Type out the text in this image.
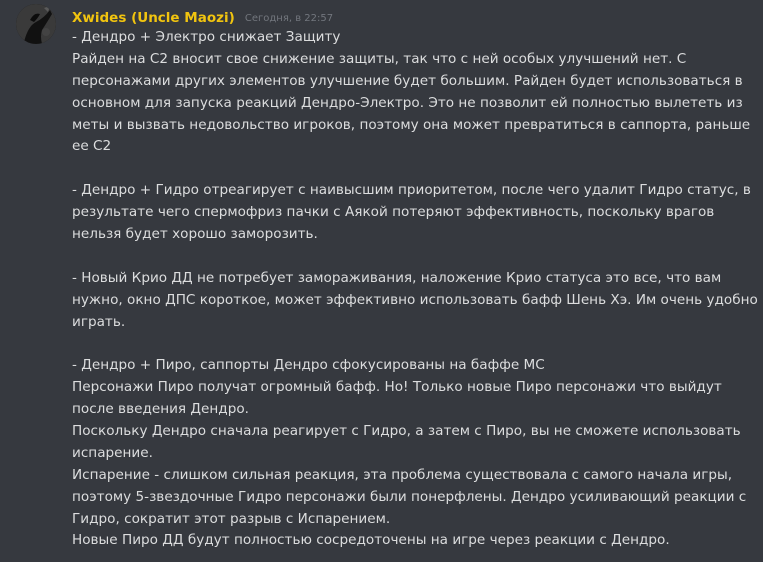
Xwides (Uncle Maozi) Сегодня, в 22:57
- Дендро + Электро снижает Защиту
Райден на С2 вносит свое снижение защиты, так что с ней особых улучшений нет. С
персонажами других элементов улучшение будет большим. Райден будет использоваться в
основном для запуска реакций Дендро-Электро. Это не позволит ей полностью вылететь из
меты и вызвать недовольство игроков, поэтому она может превратиться в саппорта, раньше
ее С2
- Дендро + Гидро отреагирует с наивысшим приоритетом, после чего удалит Гидро статус, в
результате чего спермофриз пачки с Аякой потеряют эффективность, поскольку врагов
нельзя будет хорошо заморозить.
- Новый Крио ДД не потребует замораживания, наложение Крио статуса это все, что вам
нужно, окно ДПС короткое, может эффективно использовать бафф Шень Хэ. Им очень удобно
играть.
- Дендро + Пиро, саппорты Дендро сфокусированы на баффе МС
Персонажи Пиро получат огромный бафф. Но! Только новые Пиро персонажи что выйдут
после введения Дендро.
Поскольку Дендро сначала реагирует с Гидро, а затем с Пиро, вы не сможете использовать
испарение.
Испарение - слишком сильная реакция, эта проблема существовала с самого начала игры,
поэтому 5-звездочные Гидро персонажи были понерфлены. Дендро усиливающий реакции с
Гидро, сократит этот разрыв с Испарением.
Новые Пиро ДД будут полностью сосредоточены на игре через реакции с Дендро.
